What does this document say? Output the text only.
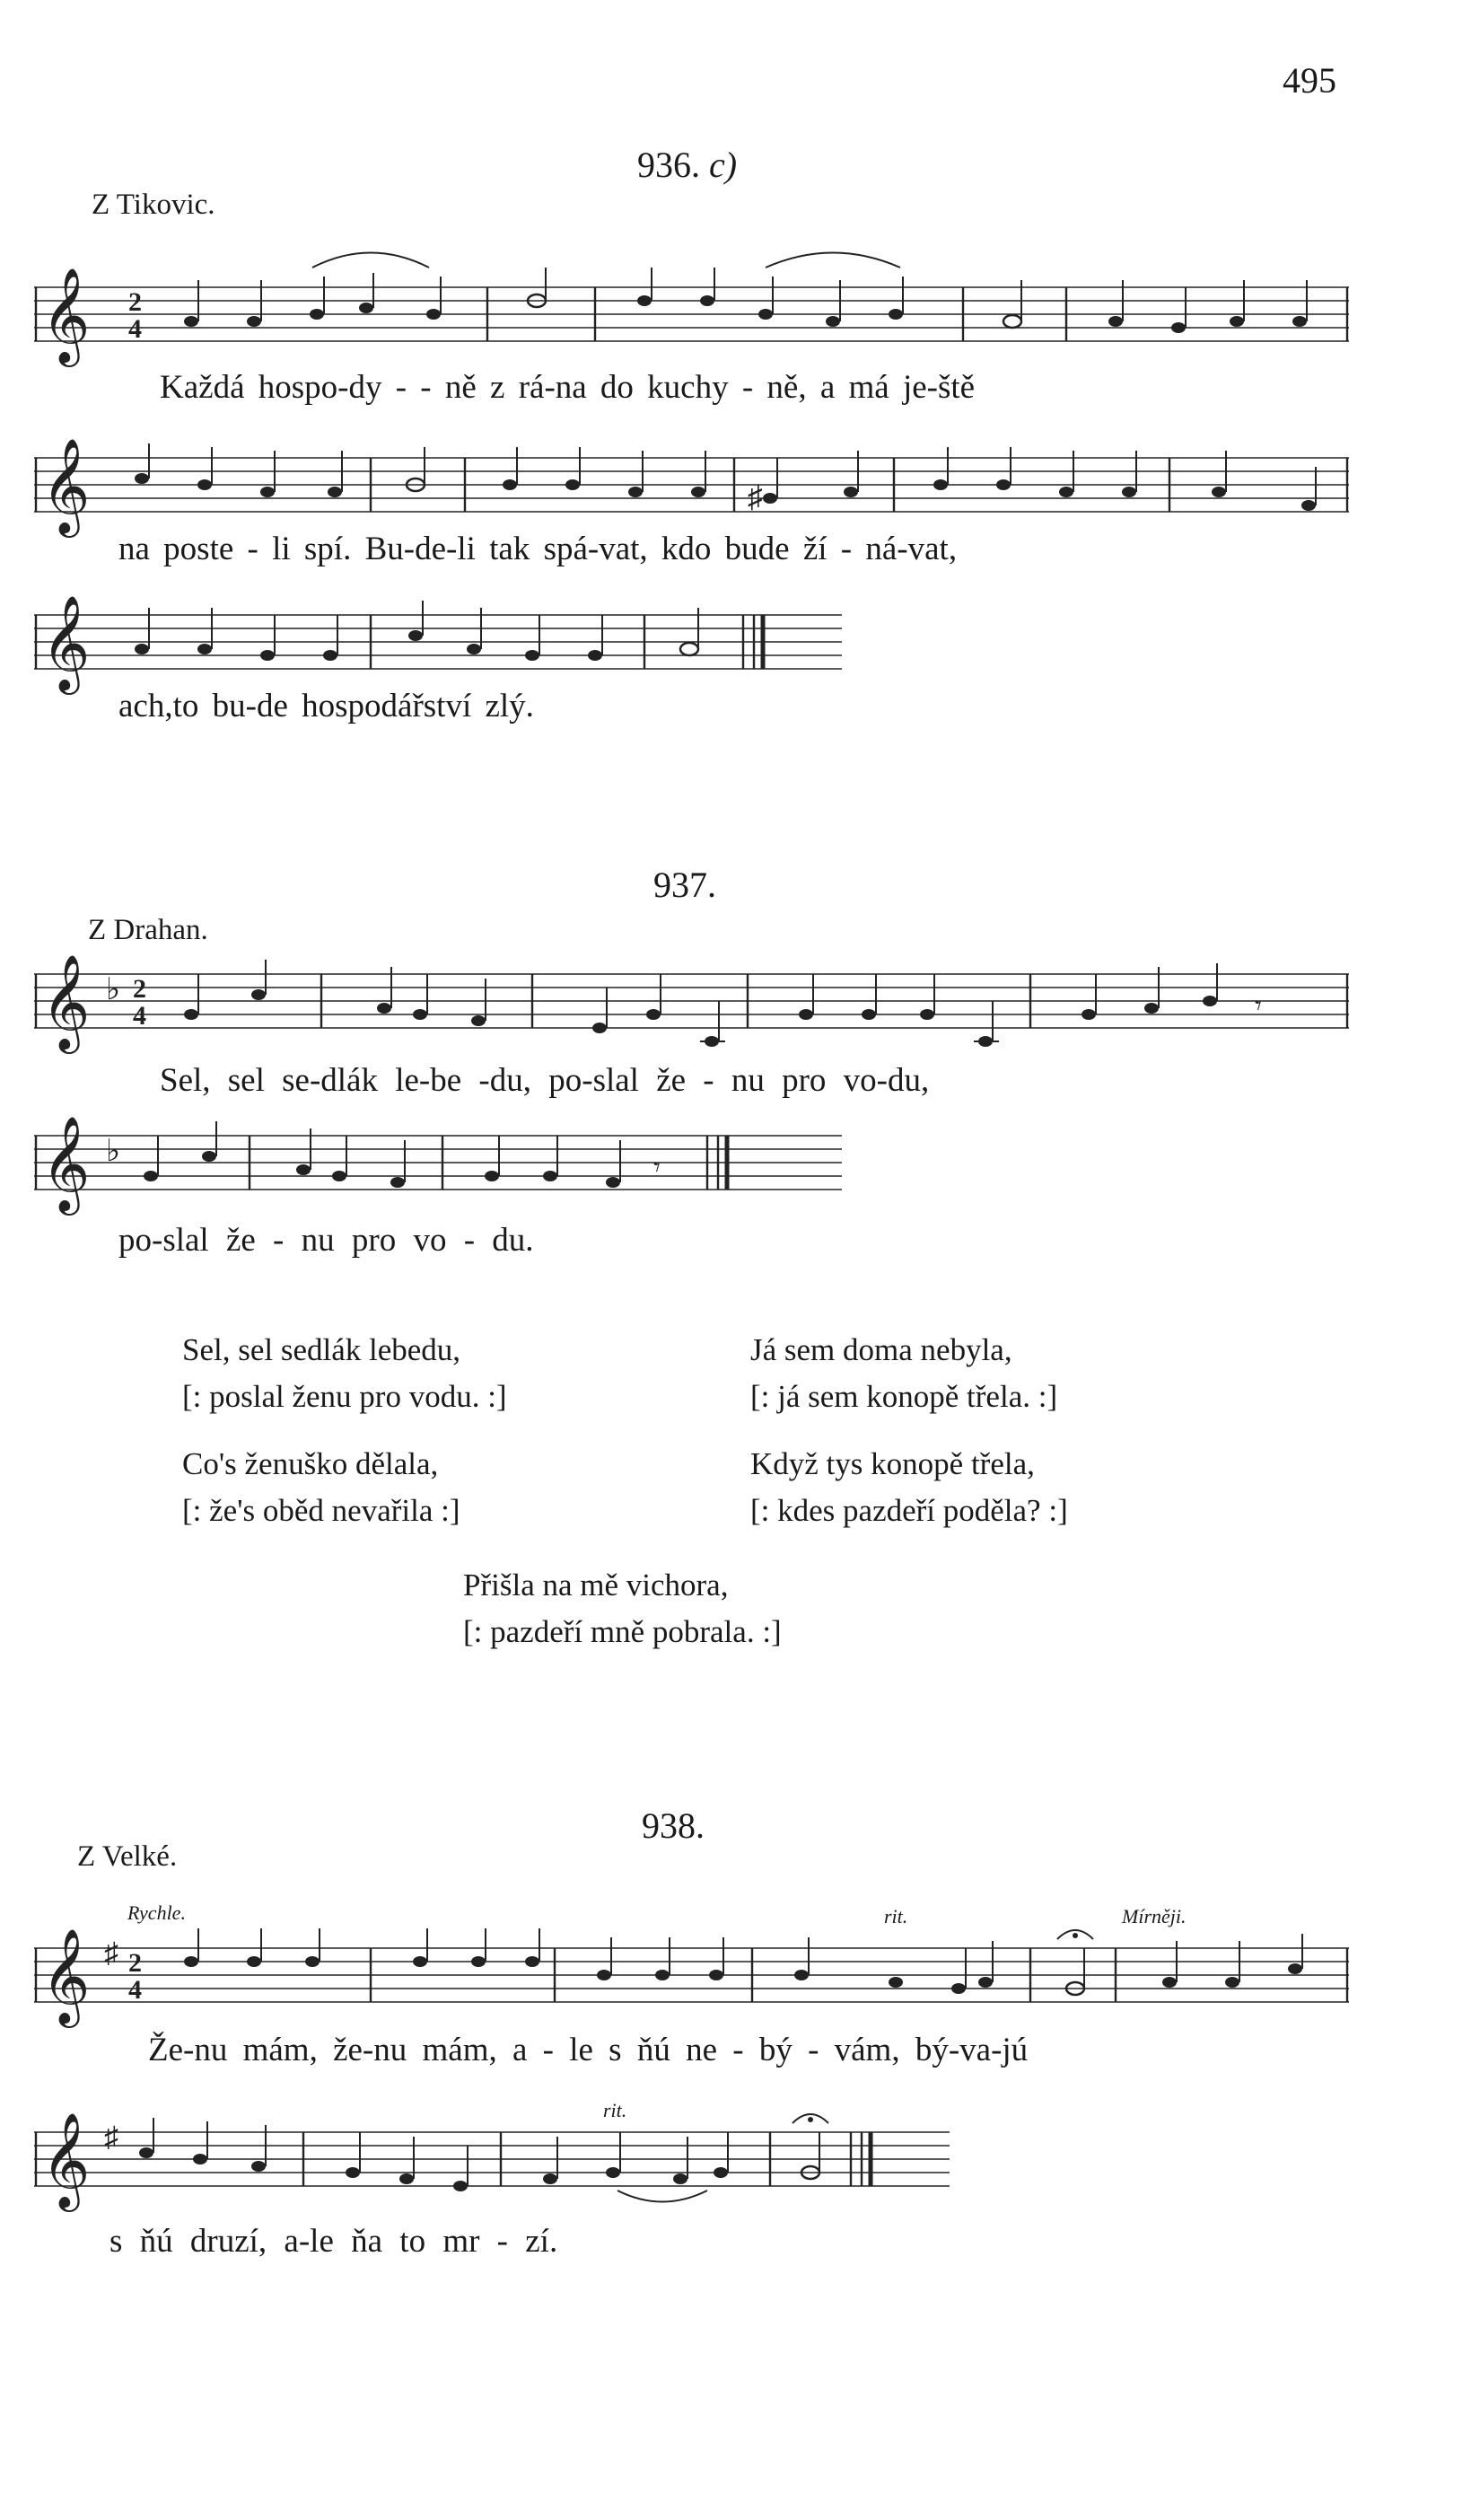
495
936. c)
Z Tikovic.
𝄞 2
4
Každá hospo-dy - - ně z rá-na do kuchy - ně, a má je-ště
𝄞	♯
na poste - li spí. Bu-de-li tak spá-vat, kdo bude ží - ná-vat,
𝄞
ach,to bu-de hospodářství zlý.
937.
Z Drahan.
𝄞 ♭ 2
4	𝄾
Sel, sel se-dlák le-be -du, po-slal že - nu pro vo-du,
𝄞 ♭	𝄾
po-slal že - nu pro vo - du.
Sel, sel sedlák lebedu,
[: poslal ženu pro vodu. :]
Já sem doma nebyla,
[: já sem konopě třela. :]
Co's ženuško dělala,
[: že's oběd nevařila :]
Když tys konopě třela,
[: kdes pazdeří poděla? :]
Přišla na mě vichora,
[: pazdeří mně pobrala. :]
938.
Z Velké.
Rychle.	rit.	Mírněji.
𝄞 ♯ 2
4
Že-nu mám, že-nu mám, a - le s ňú ne - bý - vám, bý-va-jú
rit.
𝄞 ♯
s ňú druzí, a-le ňa to mr - zí.
